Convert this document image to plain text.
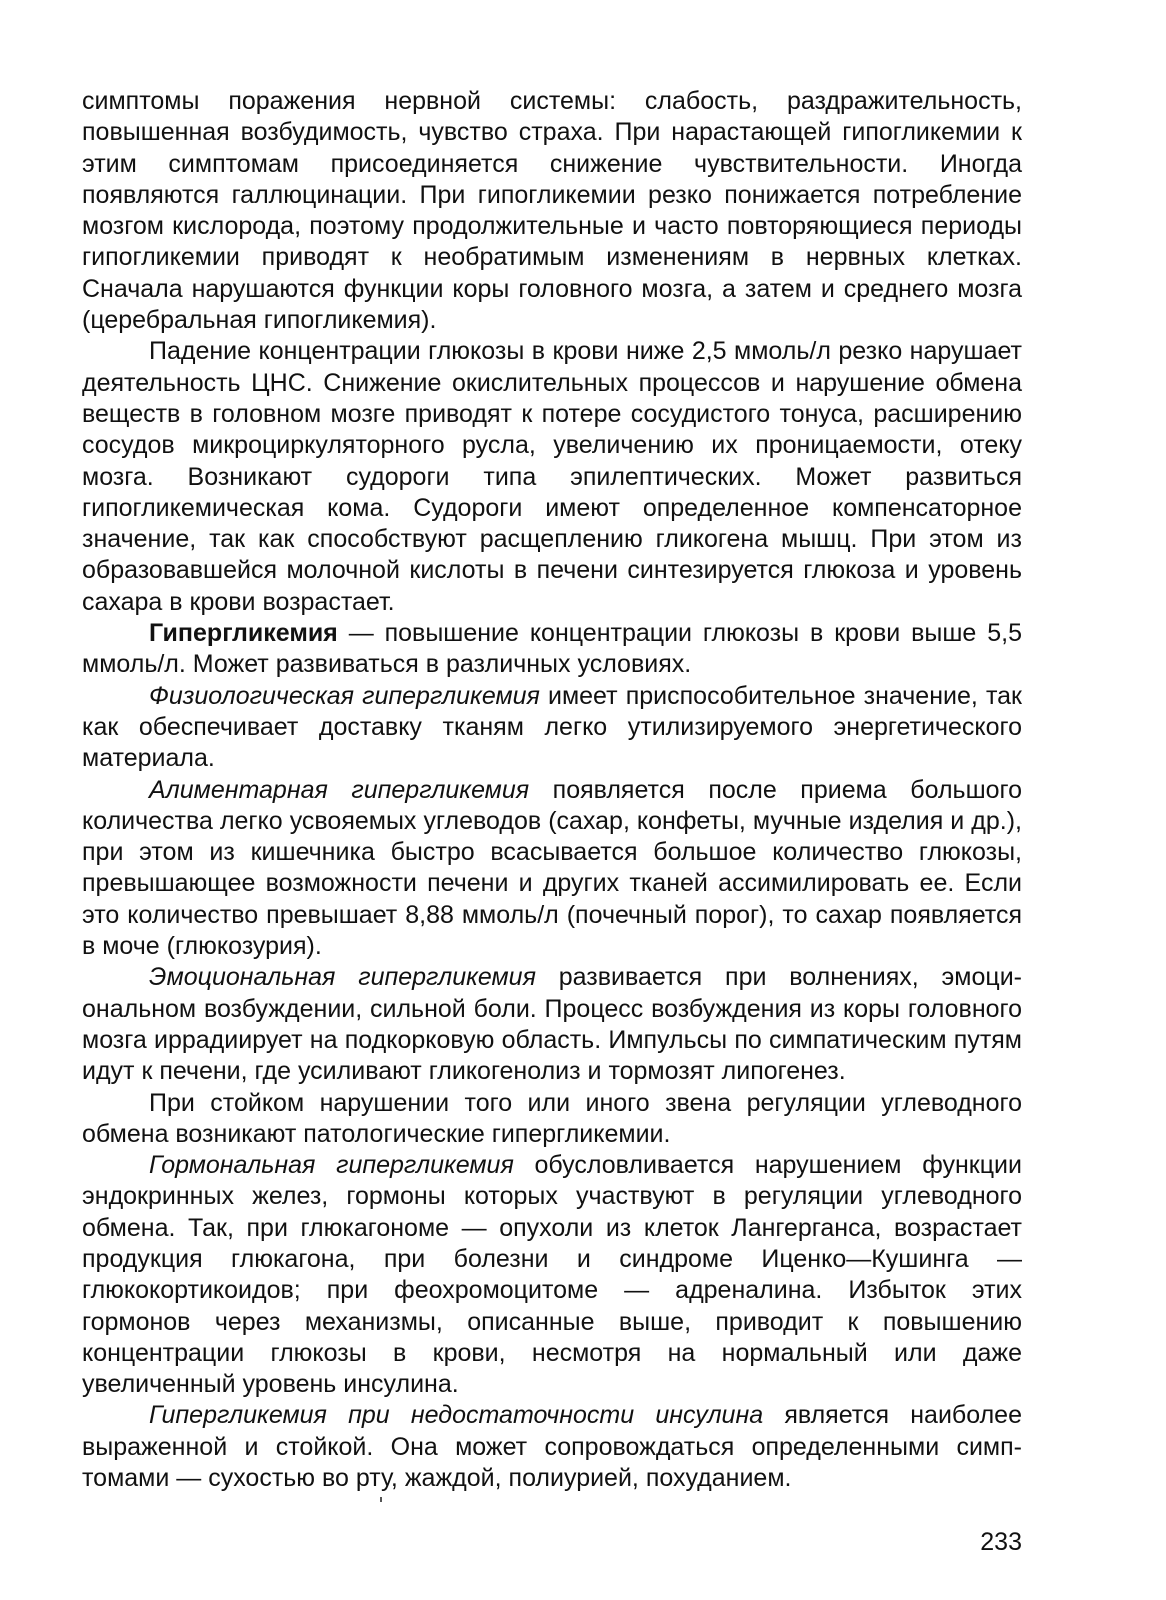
симптомы поражения нервной системы: слабость, раздражительность, повышенная возбудимость, чувство страха. При нарастающей гипогликемии к этим симптомам присоединяется снижение чувствительности. Иногда появляются галлюцинации. При гипогликемии резко понижается потребление мозгом кислорода, поэтому продолжительные и часто повторяющиеся периоды гипогликемии приводят к необратимым изменениям в нервных клетках. Сначала нарушаются функции коры головного мозга, а затем и среднего мозга (церебральная гипогликемия).

Падение концентрации глюкозы в крови ниже 2,5 ммоль/л резко нарушает деятельность ЦНС. Снижение окислительных процессов и нарушение обмена веществ в головном мозге приводят к потере сосудистого тонуса, расширению сосудов микроциркуляторного русла, увеличению их проницаемости, отеку мозга. Возникают судороги типа эпилептических. Может развиться гипогликемическая кома. Судороги имеют определенное компенсаторное значение, так как способствуют расщеплению гликогена мышц. При этом из образовавшейся молочной кислоты в печени синтезируется глюкоза и уровень сахара в крови возрастает.

Гипергликемия — повышение концентрации глюкозы в крови выше 5,5 ммоль/л. Может развиваться в различных условиях.

Физиологическая гипергликемия имеет приспособительное значение, так как обеспечивает доставку тканям легко утилизируемого энергетического материала.

Алиментарная гипергликемия появляется после приема большого количества легко усвояемых углеводов (сахар, конфеты, мучные изделия и др.), при этом из кишечника быстро всасывается большое количество глюкозы, превышающее возможности печени и других тканей ассимилировать ее. Если это количество превышает 8,88 ммоль/л (почечный порог), то сахар появляется в моче (глюкозурия).

Эмоциональная гипергликемия развивается при волнениях, эмоциональном возбуждении, сильной боли. Процесс возбуждения из коры головного мозга иррадиирует на подкорковую область. Импульсы по симпатическим путям идут к печени, где усиливают гликогенолиз и тормозят липогенез.

При стойком нарушении того или иного звена регуляции углеводного обмена возникают патологические гипергликемии.

Гормональная гипергликемия обусловливается нарушением функции эндокринных желез, гормоны которых участвуют в регуляции углеводного обмена. Так, при глюкагономе — опухоли из клеток Лангерганса, возрастает продукция глюкагона, при болезни и синдроме Иценко—Кушинга — глюкокортикоидов; при феохромоцитоме — адреналина. Избыток этих гормонов через механизмы, описанные выше, приводит к повышению концентрации глюкозы в крови, несмотря на нормальный или даже увеличенный уровень инсулина.

Гипергликемия при недостаточности инсулина является наиболее выраженной и стойкой. Она может сопровождаться определенными симптомами — сухостью во рту, жаждой, полиурией, похуданием.

233
